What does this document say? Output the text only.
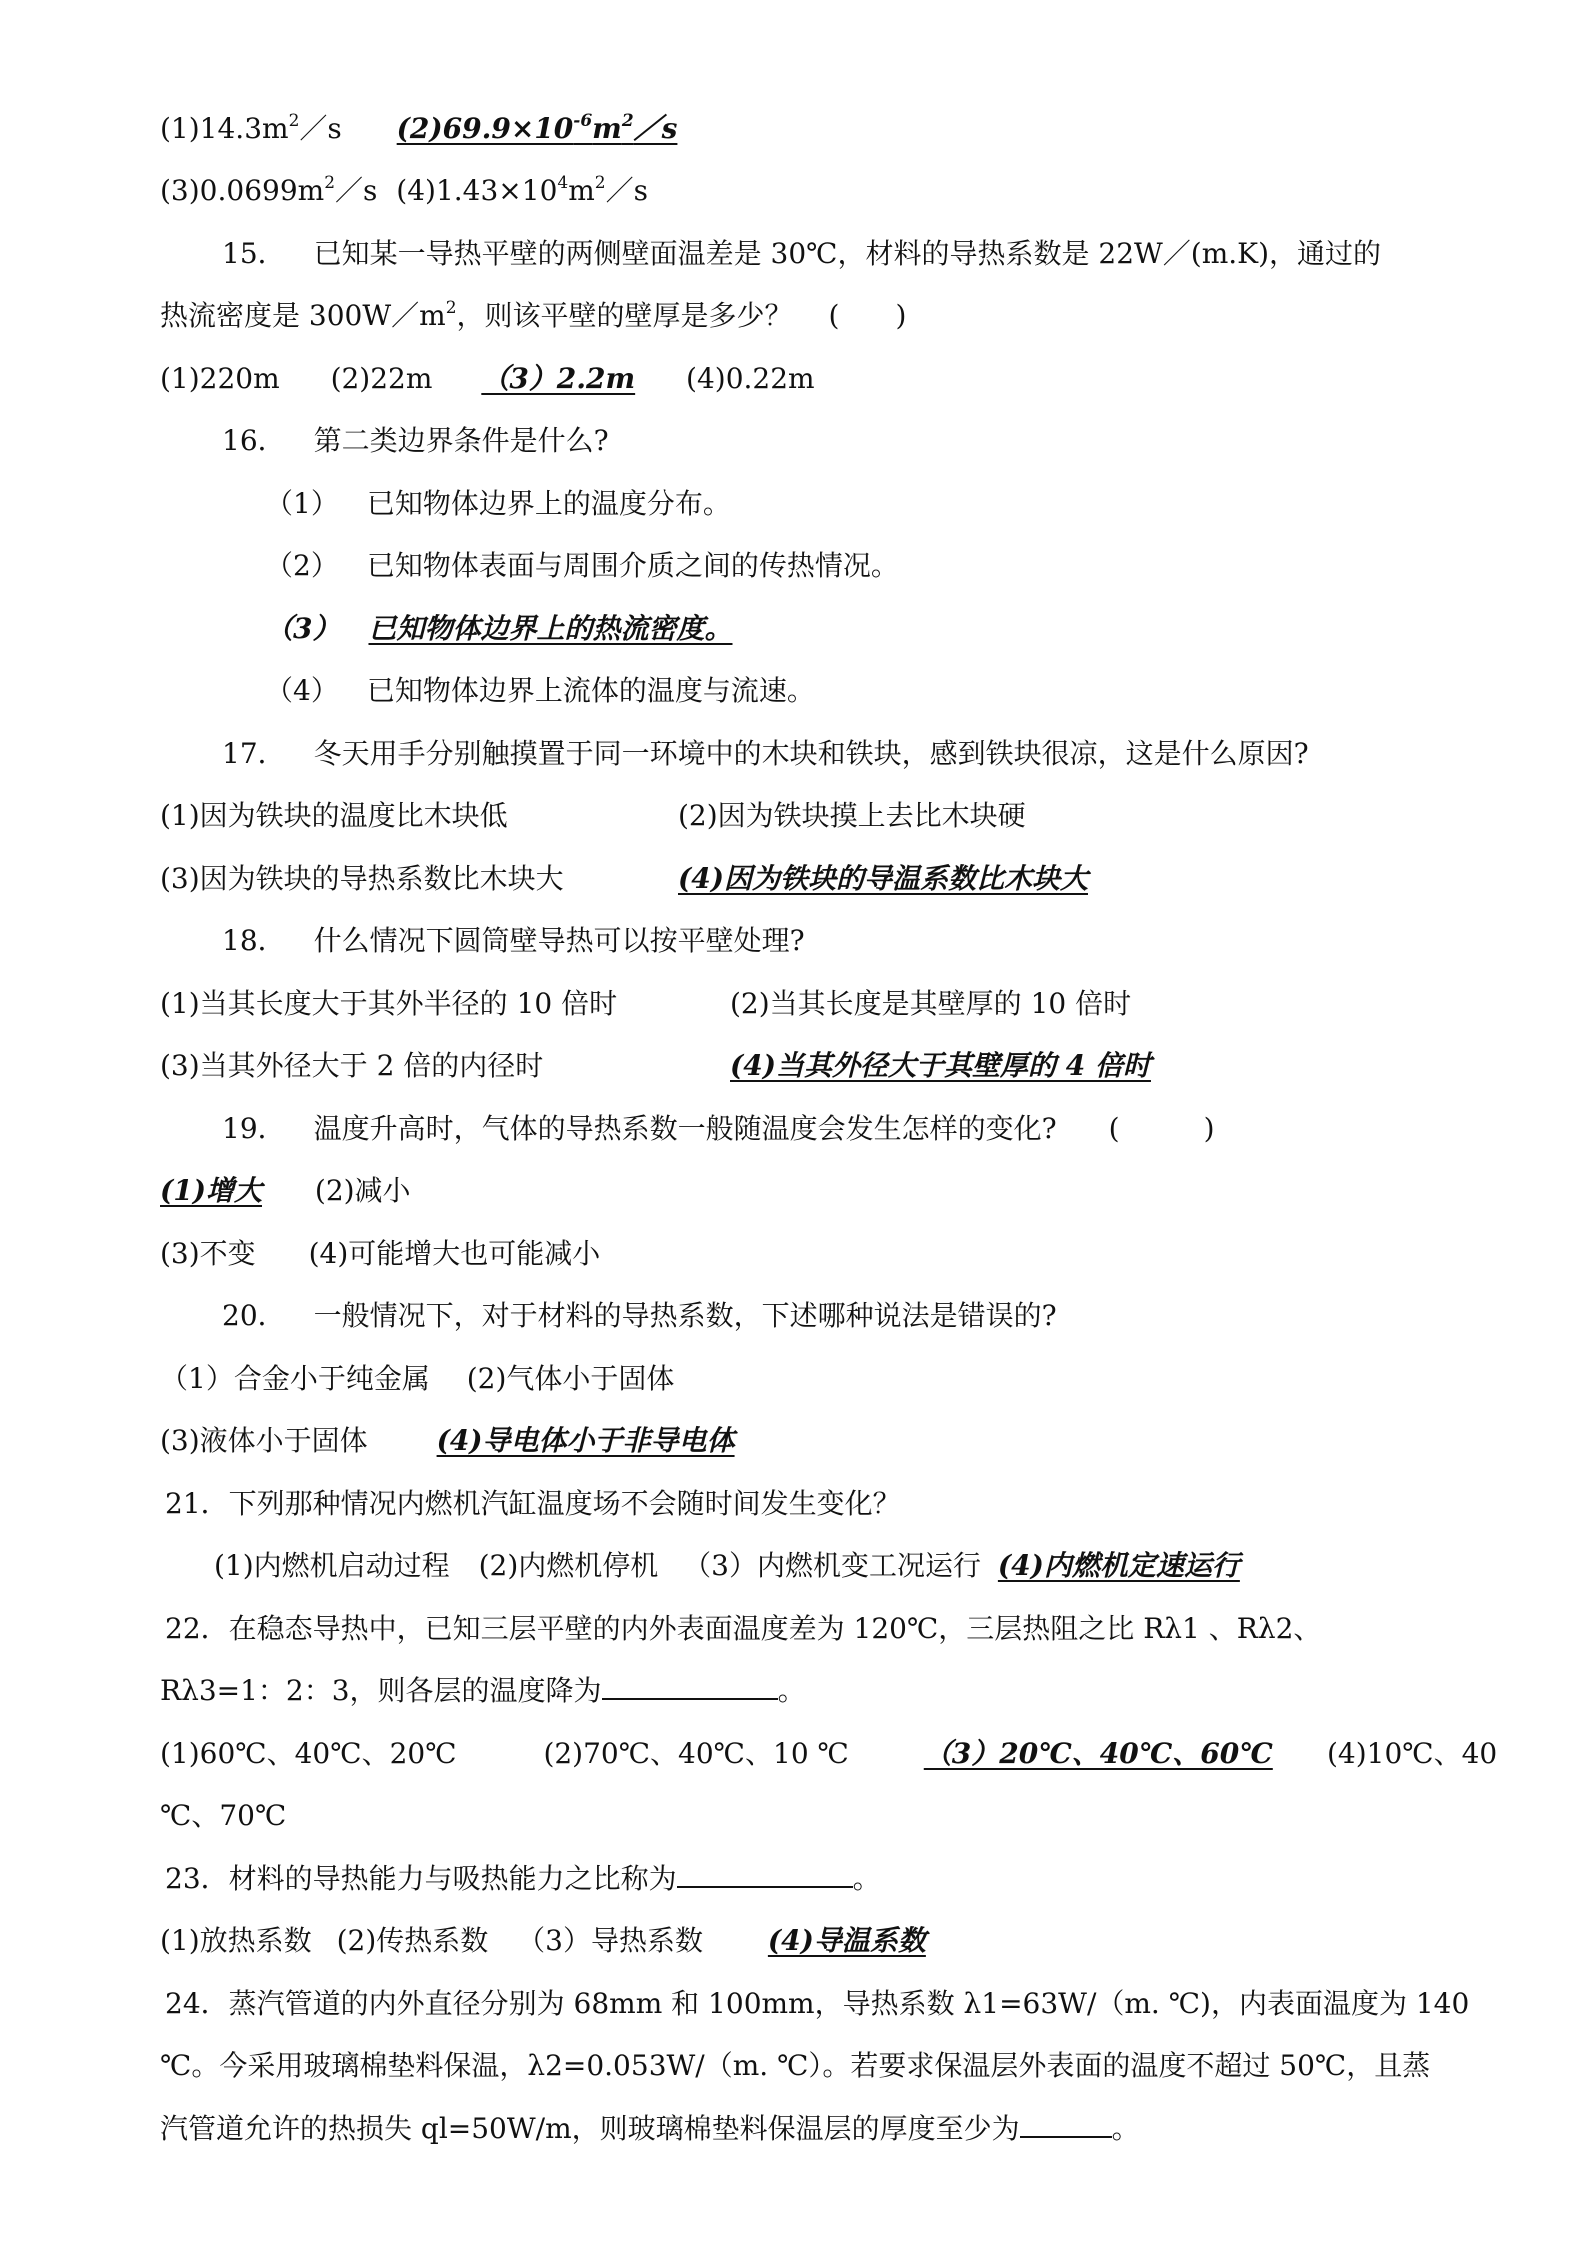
$(1)14.3m^2/s$ $(2)69.9\times 10^{-6}m^2/s$
$(3)0.0699m^2/s$ $(4)1.43\times 10^4m^2/s$
15． 已知某一导热平壁的两侧壁面温差是 30℃，材料的导热系数是 22W／(m.K)，通过的
热流密度是 $300W/m^2$，则该平壁的壁厚是多少？ (　　)
(1)220m (2)22m （3）2.2m (4)0.22m
16． 第二类边界条件是什么?
（1） 已知物体边界上的温度分布。
（2） 已知物体表面与周围介质之间的传热情况。
（3） 已知物体边界上的热流密度。
（4） 已知物体边界上流体的温度与流速。
17． 冬天用手分别触摸置于同一环境中的木块和铁块，感到铁块很凉，这是什么原因?
(1)因为铁块的温度比木块低	(2)因为铁块摸上去比木块硬
(3)因为铁块的导热系数比木块大	(4)因为铁块的导温系数比木块大
18． 什么情况下圆筒壁导热可以按平壁处理?
(1)当其长度大于其外半径的 10 倍时	(2)当其长度是其壁厚的 10 倍时
(3)当其外径大于 2 倍的内径时	(4)当其外径大于其壁厚的 4 倍时
19． 温度升高时，气体的导热系数一般随温度会发生怎样的变化? (　　　)
(1)增大 (2)减小
(3)不变 (4)可能增大也可能减小
20． 一般情况下，对于材料的导热系数，下述哪种说法是错误的?
（1）合金小于纯金属 (2)气体小于固体
(3)液体小于固体 (4)导电体小于非导电体
21．下列那种情况内燃机汽缸温度场不会随时间发生变化？
(1)内燃机启动过程 (2)内燃机停机 （3）内燃机变工况运行 (4)内燃机定速运行
22．在稳态导热中，已知三层平壁的内外表面温度差为 120℃，三层热阻之比 Rλ1 、Rλ2、
Rλ3=1：2：3，则各层的温度降为	。
(1)60℃、40℃、20℃	(2)70℃、40℃、10 ℃	（3）20℃、40℃、60℃ (4)10℃、40
℃、70℃
23．材料的导热能力与吸热能力之比称为	。
(1)放热系数 (2)传热系数 （3）导热系数 (4)导温系数
24．蒸汽管道的内外直径分别为 68mm 和 100mm，导热系数 λ1=63W/（m. ℃)，内表面温度为 140
℃。今采用玻璃棉垫料保温，λ2=0.053W/（m. ℃）。若要求保温层外表面的温度不超过 50℃，且蒸
汽管道允许的热损失 ql=50W/m，则玻璃棉垫料保温层的厚度至少为	。
